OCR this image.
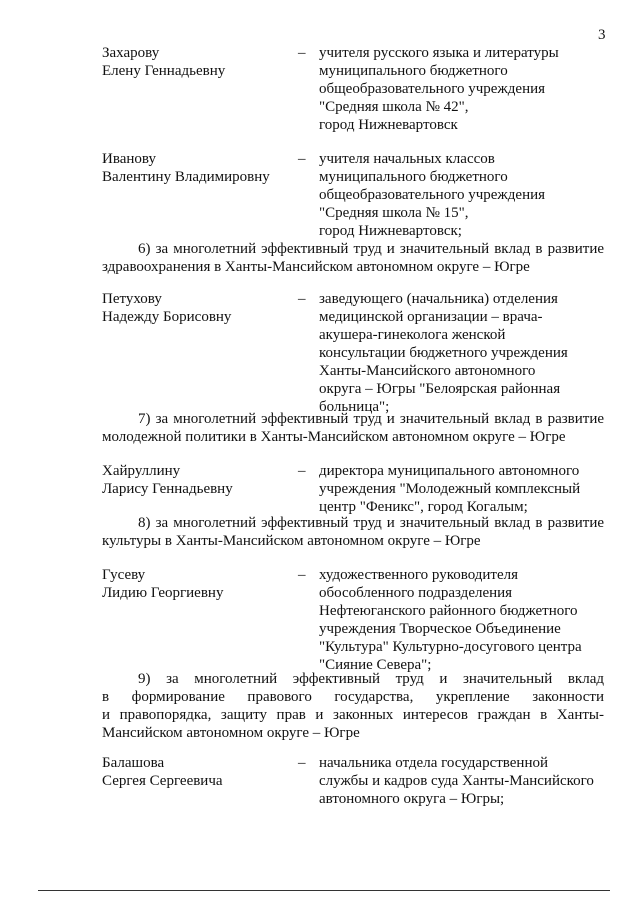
3
Захарову
Елену Геннадьевну
– учителя русского языка и литературы
муниципального бюджетного
общеобразовательного учреждения
"Средняя школа № 42",
город Нижневартовск
Иванову
Валентину Владимировну
– учителя начальных классов
муниципального бюджетного
общеобразовательного учреждения
"Средняя школа № 15",
город Нижневартовск;
6) за многолетний эффективный труд и значительный вклад в развитие
здравоохранения в Ханты-Мансийском автономном округе – Югре
Петухову
Надежду Борисовну
– заведующего (начальника) отделения
медицинской организации – врача-
акушера-гинеколога женской
консультации бюджетного учреждения
Ханты-Мансийского автономного
округа – Югры "Белоярская районная
больница";
7) за многолетний эффективный труд и значительный вклад в развитие
молодежной политики в Ханты-Мансийском автономном округе – Югре
Хайруллину
Ларису Геннадьевну
– директора муниципального автономного
учреждения "Молодежный комплексный
центр "Феникс", город Когалым;
8) за многолетний эффективный труд и значительный вклад в развитие
культуры в Ханты-Мансийском автономном округе – Югре
Гусеву
Лидию Георгиевну
– художественного руководителя
обособленного подразделения
Нефтеюганского районного бюджетного
учреждения Творческое Объединение
"Культура" Культурно-досугового центра
"Сияние Севера";
9) за многолетний эффективный труд и значительный вклад
в формирование правового государства, укрепление законности
и правопорядка, защиту прав и законных интересов граждан в Ханты-
Мансийском автономном округе – Югре
Балашова
Сергея Сергеевича
– начальника отдела государственной
службы и кадров суда Ханты-Мансийского
автономного округа – Югры;
